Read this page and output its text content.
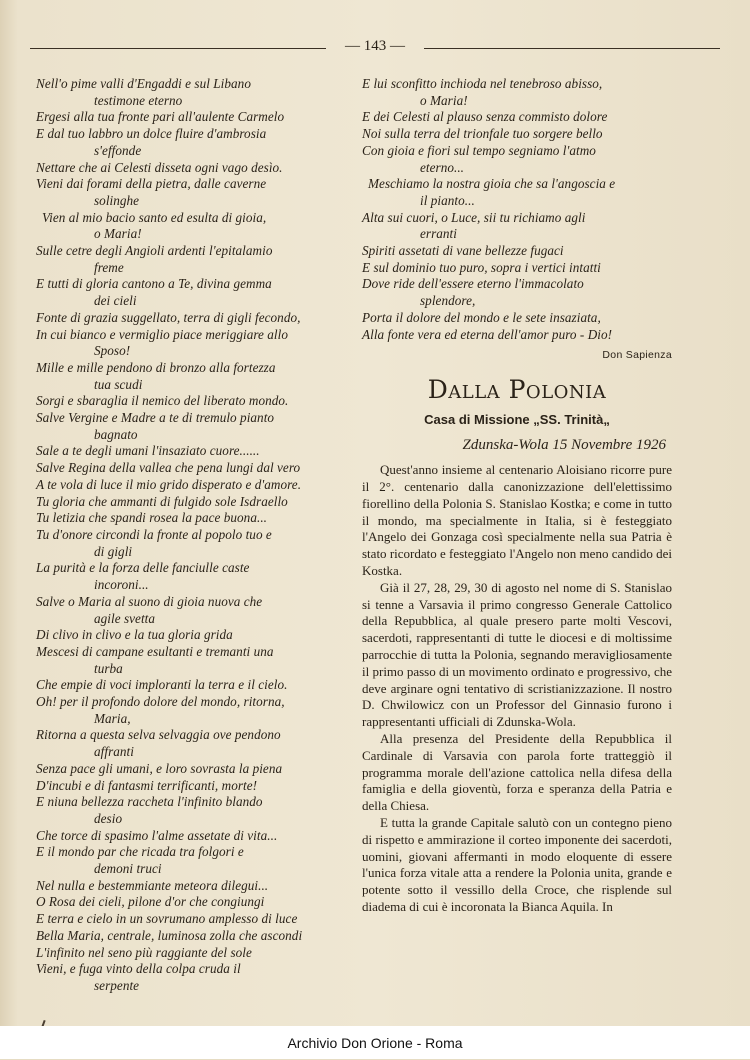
— 143 —
Nell'o pime valli d'Engaddi e sul Libano
testimone eterno
Ergesi alla tua fronte pari all'aulente Carmelo
E dal tuo labbro un dolce fluire d'ambrosia
s'effonde
Nettare che ai Celesti disseta ogni vago desìo.
Vieni dai forami della pietra, dalle caverne
solinghe
Vien al mio bacio santo ed esulta di gioia,
o Maria!
Sulle cetre degli Angioli ardenti l'epitalamio
freme
E tutti di gloria cantono a Te, divina gemma
dei cieli
Fonte di grazia suggellato, terra di gigli fecondo,
In cui bianco e vermiglio piace meriggiare allo
Sposo!
Mille e mille pendono di bronzo alla fortezza
tua scudi
Sorgi e sbaraglia il nemico del liberato mondo.
Salve Vergine e Madre a te di tremulo pianto
bagnato
Sale a te degli umani l'insaziato cuore......
Salve Regina della vallea che pena lungi dal vero
A te vola di luce il mio grido disperato e d'amore.
Tu gloria che ammanti di fulgido sole Isdraello
Tu letizia che spandi rosea la pace buona...
Tu d'onore circondi la fronte al popolo tuo e
di gigli
La purità e la forza delle fanciulle caste
incoroni...
Salve o Maria al suono di gioia nuova che
agile svetta
Di clivo in clivo e la tua gloria grida
Mescesi di campane esultanti e tremanti una
turba
Che empie di voci imploranti la terra e il cielo.
Oh! per il profondo dolore del mondo, ritorna,
Maria,
Ritorna a questa selva selvaggia ove pendono
affranti
Senza pace gli umani, e loro sovrasta la piena
D'incubi e di fantasmi terrificanti, morte!
E niuna bellezza raccheta l'infinito blando
desio
Che torce di spasimo l'alme assetate di vita...
E il mondo par che ricada tra folgori e
demoni truci
Nel nulla e bestemmiante meteora dilegui...
O Rosa dei cieli, pilone d'or che congiungi
E terra e cielo in un sovrumano amplesso di luce
Bella Maria, centrale, luminosa zolla che ascondi
L'infinito nel seno più raggiante del sole
Vieni, e fuga vinto della colpa cruda il
serpente
E lui sconfitto inchioda nel tenebroso abisso,
o Maria!
E dei Celesti al plauso senza commisto dolore
Noi sulla terra del trionfale tuo sorgere bello
Con gioia e fiori sul tempo segniamo l'atmo
eterno...
Meschiamo la nostra gioia che sa l'angoscia e
il pianto...
Alta sui cuori, o Luce, sii tu richiamo agli
erranti
Spiriti assetati di vane bellezze fugaci
E sul dominio tuo puro, sopra i vertici intatti
Dove ride dell'essere eterno l'immacolato
splendore,
Porta il dolore del mondo e le sete insaziata,
Alla fonte vera ed eterna dell'amor puro - Dio!
Don Sapienza
Dalla Polonia
Casa di Missione „SS. Trinità„
Zdunska-Wola 15 Novembre 1926

Quest'anno insieme al centenario Aloisiano ricorre pure il 2°. centenario dalla canonizzazione dell'elettissimo fiorellino della Polonia S. Stanislao Kostka; e come in tutto il mondo, ma specialmente in Italia, si è festeggiato l'Angelo dei Gonzaga così specialmente nella sua Patria è stato ricordato e festeggiato l'Angelo non meno candido dei Kostka.

Già il 27, 28, 29, 30 di agosto nel nome di S. Stanislao si tenne a Varsavia il primo congresso Generale Cattolico della Repubblica, al quale presero parte molti Vescovi, sacerdoti, rappresentanti di tutte le diocesi e di moltissime parrocchie di tutta la Polonia, segnando meravigliosamente il primo passo di un movimento ordinato e progressivo, che deve arginare ogni tentativo di scristianizzazione. Il nostro D. Chwilowicz con un Professor del Ginnasio furono i rappresentanti ufficiali di Zdunska-Wola.

Alla presenza del Presidente della Repubblica il Cardinale di Varsavia con parola forte tratteggiò il programma morale dell'azione cattolica nella difesa della famiglia e della gioventù, forza e speranza della Patria e della Chiesa.

E tutta la grande Capitale salutò con un contegno pieno di rispetto e ammirazione il corteo imponente dei sacerdoti, uomini, giovani affermanti in modo eloquente di essere l'unica forza vitale atta a rendere la Polonia unita, grande e potente sotto il vessillo della Croce, che risplende sul diadema di cui è incoronata la Bianca Aquila. In

Archivio Don Orione - Roma
